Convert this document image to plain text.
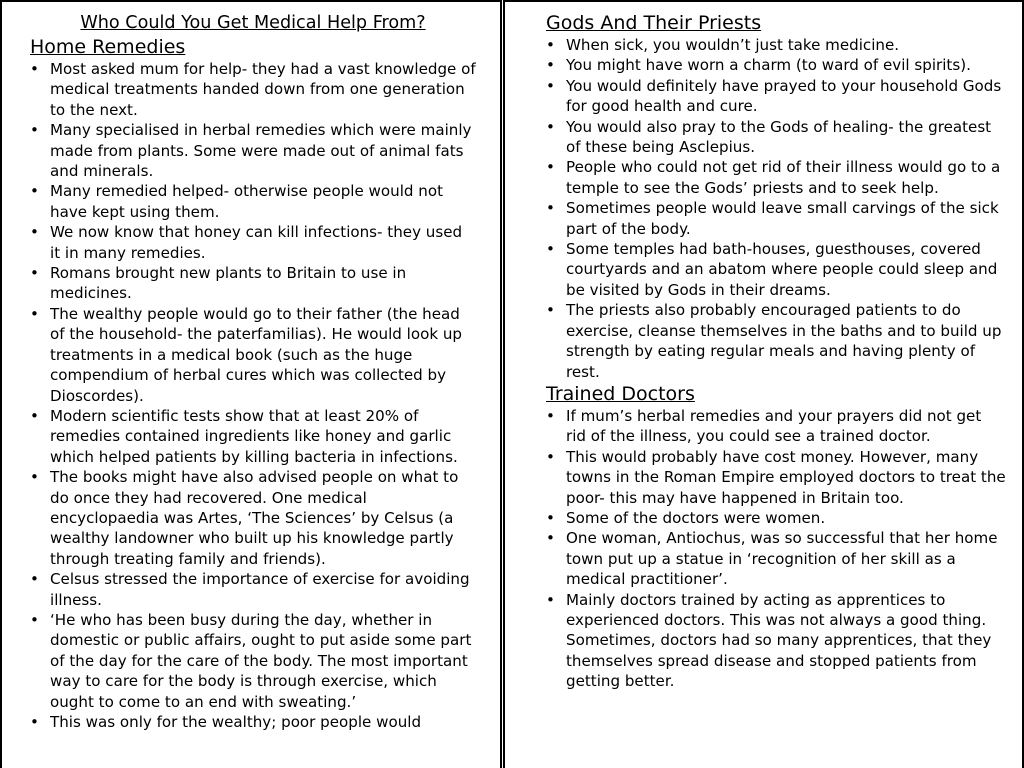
Who Could You Get Medical Help From?

Home Remedies

• Most asked mum for help- they had a vast knowledge of medical treatments handed down from one generation to the next.
• Many specialised in herbal remedies which were mainly made from plants. Some were made out of animal fats and minerals.
• Many remedied helped- otherwise people would not have kept using them.
• We now know that honey can kill infections- they used it in many remedies.
• Romans brought new plants to Britain to use in medicines.
• The wealthy people would go to their father (the head of the household- the paterfamilias). He would look up treatments in a medical book (such as the huge compendium of herbal cures which was collected by Dioscordes).
• Modern scientific tests show that at least 20% of remedies contained ingredients like honey and garlic which helped patients by killing bacteria in infections.
• The books might have also advised people on what to do once they had recovered. One medical encyclopaedia was Artes, ‘The Sciences’ by Celsus (a wealthy landowner who built up his knowledge partly through treating family and friends).
• Celsus stressed the importance of exercise for avoiding illness.
• ‘He who has been busy during the day, whether in domestic or public affairs, ought to put aside some part of the day for the care of the body. The most important way to care for the body is through exercise, which ought to come to an end with sweating.’
• This was only for the wealthy; poor people would

Gods And Their Priests

• When sick, you wouldn’t just take medicine.
• You might have worn a charm (to ward of evil spirits).
• You would definitely have prayed to your household Gods for good health and cure.
• You would also pray to the Gods of healing- the greatest of these being Asclepius.
• People who could not get rid of their illness would go to a temple to see the Gods’ priests and to seek help.
• Sometimes people would leave small carvings of the sick part of the body.
• Some temples had bath-houses, guesthouses, covered courtyards and an abatom where people could sleep and be visited by Gods in their dreams.
• The priests also probably encouraged patients to do exercise, cleanse themselves in the baths and to build up strength by eating regular meals and having plenty of rest.

Trained Doctors

• If mum’s herbal remedies and your prayers did not get rid of the illness, you could see a trained doctor.
• This would probably have cost money. However, many towns in the Roman Empire employed doctors to treat the poor- this may have happened in Britain too.
• Some of the doctors were women.
• One woman, Antiochus, was so successful that her home town put up a statue in ‘recognition of her skill as a medical practitioner’.
• Mainly doctors trained by acting as apprentices to experienced doctors. This was not always a good thing. Sometimes, doctors had so many apprentices, that they themselves spread disease and stopped patients from getting better.
